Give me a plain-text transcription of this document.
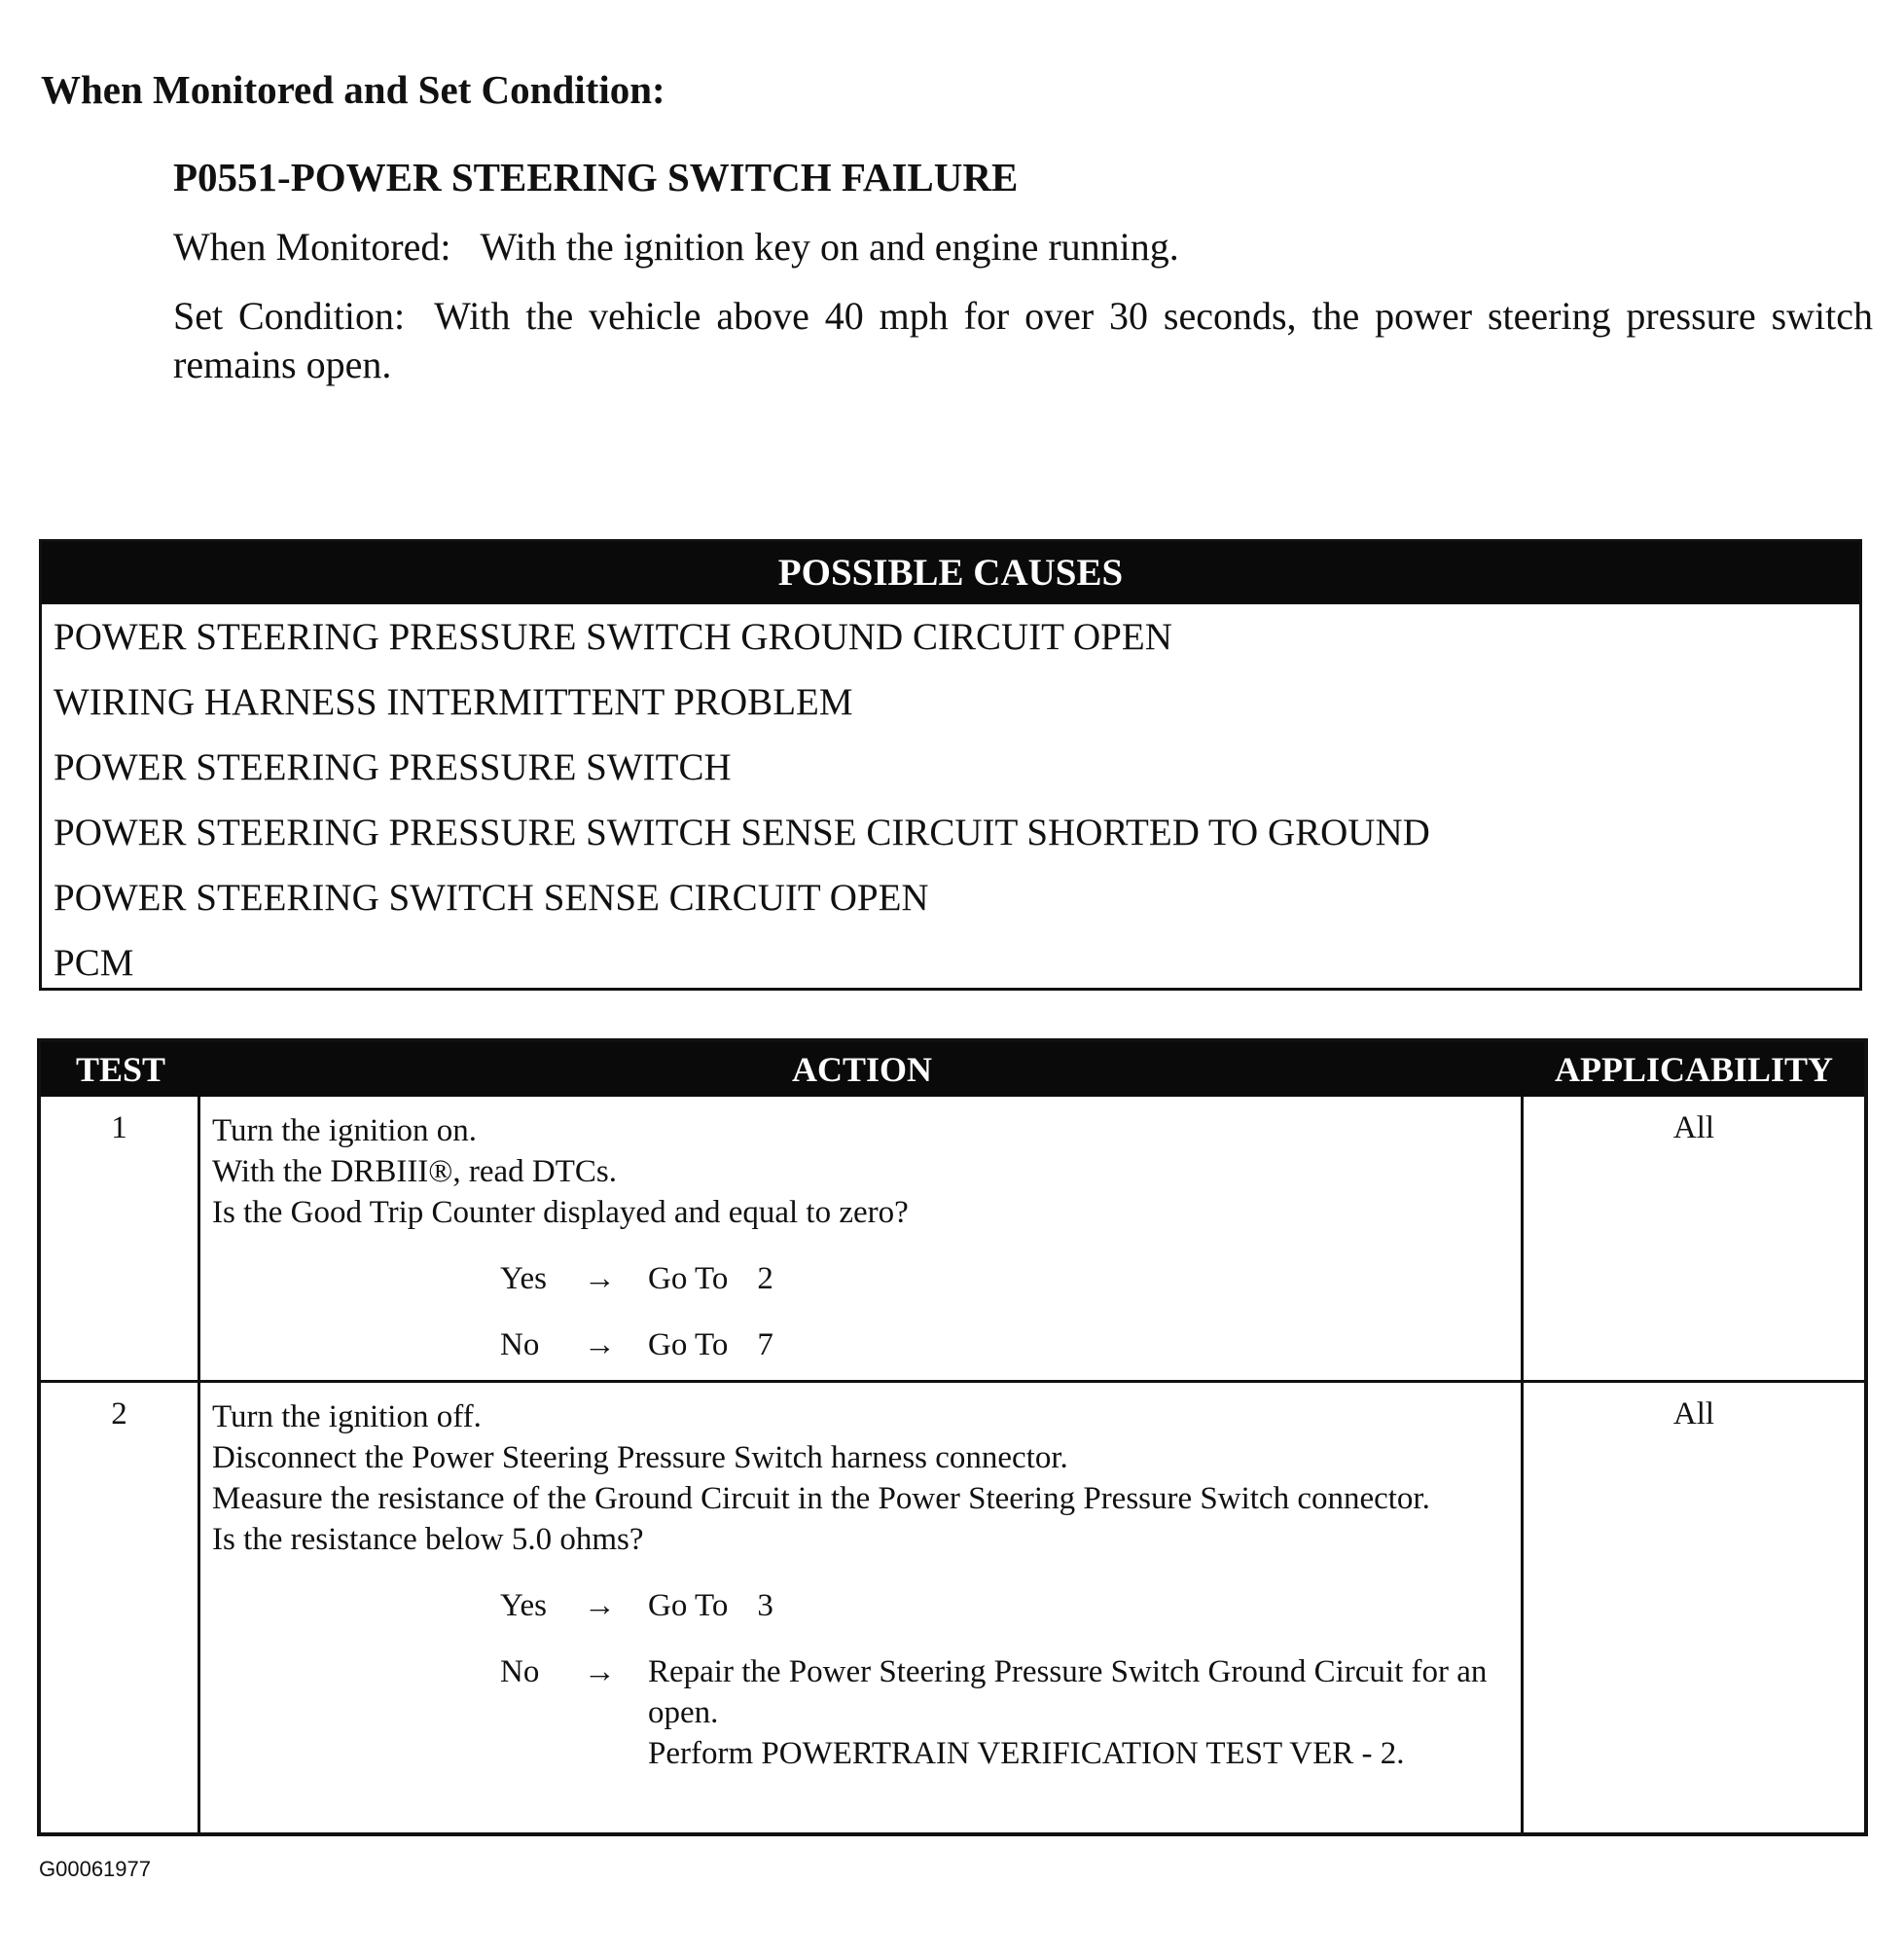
When Monitored and Set Condition:
P0551-POWER STEERING SWITCH FAILURE
When Monitored: With the ignition key on and engine running.
Set Condition: With the vehicle above 40 mph for over 30 seconds, the power steering pressure switch remains open.
POSSIBLE CAUSES
POWER STEERING PRESSURE SWITCH GROUND CIRCUIT OPEN
WIRING HARNESS INTERMITTENT PROBLEM
POWER STEERING PRESSURE SWITCH
POWER STEERING PRESSURE SWITCH SENSE CIRCUIT SHORTED TO GROUND
POWER STEERING SWITCH SENSE CIRCUIT OPEN
PCM
TEST	ACTION	APPLICABILITY
1	Turn the ignition on.
With the DRBIII®, read DTCs.
Is the Good Trip Counter displayed and equal to zero?
Yes	→	Go To 2
No	→	Go To 7
All
2	Turn the ignition off.
Disconnect the Power Steering Pressure Switch harness connector.
Measure the resistance of the Ground Circuit in the Power Steering Pressure Switch connector.
Is the resistance below 5.0 ohms?
Yes	→	Go To 3
No	→	Repair the Power Steering Pressure Switch Ground Circuit for an open.
Perform POWERTRAIN VERIFICATION TEST VER - 2.
All
G00061977
